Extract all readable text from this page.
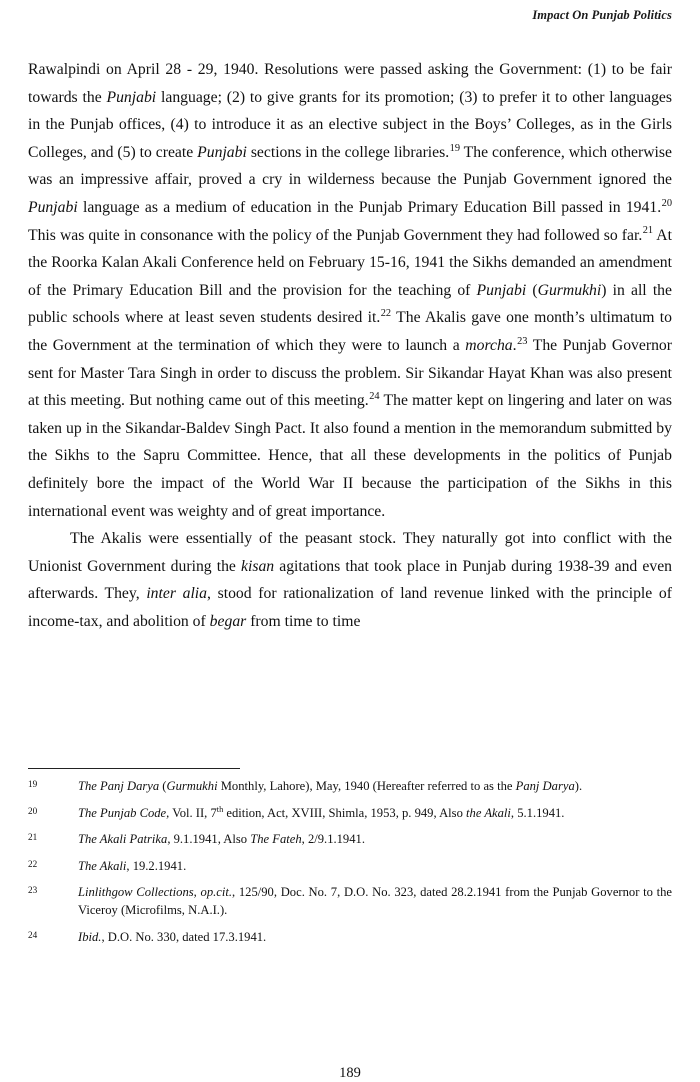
Impact On Punjab Politics

Rawalpindi on April 28 - 29, 1940. Resolutions were passed asking the Government: (1) to be fair towards the Punjabi language; (2) to give grants for its promotion; (3) to prefer it to other languages in the Punjab offices, (4) to introduce it as an elective subject in the Boys’ Colleges, as in the Girls Colleges, and (5) to create Punjabi sections in the college libraries.$^{19}$ The conference, which otherwise was an impressive affair, proved a cry in wilderness because the Punjab Government ignored the Punjabi language as a medium of education in the Punjab Primary Education Bill passed in 1941.20 This was quite in consonance with the policy of the Punjab Government they had followed so far.$^{21}$ At the Roorka Kalan Akali Conference held on February 15-16, 1941 the Sikhs demanded an amendment of the Primary Education Bill and the provision for the teaching of Punjabi (Gurmukhi) in all the public schools where at least seven students desired it.$^{22}$ The Akalis gave one month’s ultimatum to the Government at the termination of which they were to launch a morcha.$^{23}$ The Punjab Governor sent for Master Tara Singh in order to discuss the problem. Sir Sikandar Hayat Khan was also present at this meeting. But nothing came out of this meeting.$^{24}$ The matter kept on lingering and later on was taken up in the Sikandar-Baldev Singh Pact. It also found a mention in the memorandum submitted by the Sikhs to the Sapru Committee. Hence, that all these developments in the politics of Punjab definitely bore the impact of the World War II because the participation of the Sikhs in this international event was weighty and of great importance.

The Akalis were essentially of the peasant stock. They naturally got into conflict with the Unionist Government during the kisan agitations that took place in Punjab during 1938-39 and even afterwards. They, inter alia, stood for rationalization of land revenue linked with the principle of income-tax, and abolition of begar from time to time

19	The Panj Darya (Gurmukhi Monthly, Lahore), May, 1940 (Hereafter referred to as the Panj Darya).
20	The Punjab Code, Vol. II, 7th edition, Act, XVIII, Shimla, 1953, p. 949, Also the Akali, 5.1.1941.
21	The Akali Patrika, 9.1.1941, Also The Fateh, 2/9.1.1941.
22	The Akali, 19.2.1941.
23	Linlithgow Collections, op.cit., 125/90, Doc. No. 7, D.O. No. 323, dated 28.2.1941 from the Punjab Governor to the Viceroy (Microfilms, N.A.I.).
24	Ibid., D.O. No. 330, dated 17.3.1941.
189
